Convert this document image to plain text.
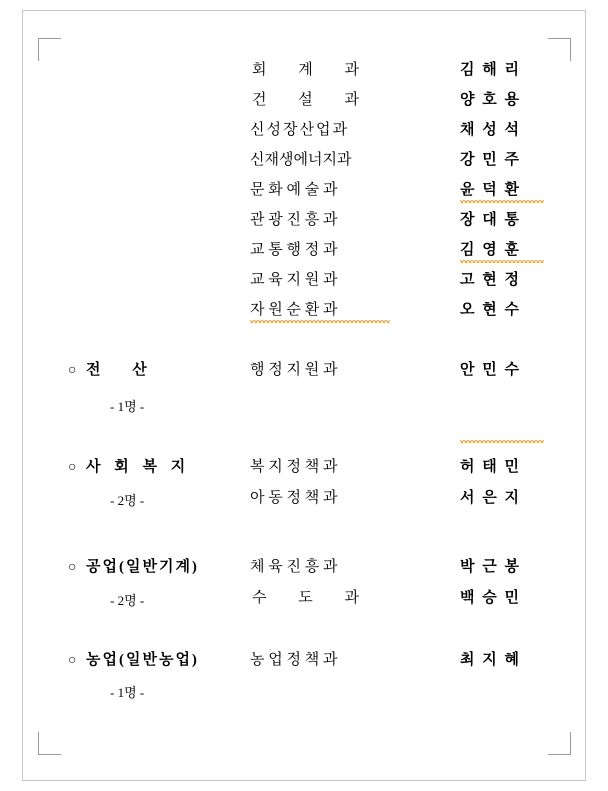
회 계 과	김 해 리
건 설 과	양 호 용
신성장산업과	채 성 석
신재생에너지과	강 민 주
문 화 예 술 과	윤 덕 환
관 광 진 흥 과	장 대 통
교 통 행 정 과	김 영 훈
교 육 지 원 과	고 현 정
자 원 순 환 과	오 현 수
○ 전 산	행 정 지 원 과	안 민 수
- 1명 -
○ 사 회 복 지	복 지 정 책 과	허 태 민
- 2명 -	아 동 정 책 과	서 은 지
○ 공업(일반기계)	체 육 진 흥 과	박 근 봉
- 2명 -	수 도 과	백 승 민
○ 농업(일반농업)	농 업 정 책 과	최 지 혜
- 1명 -
